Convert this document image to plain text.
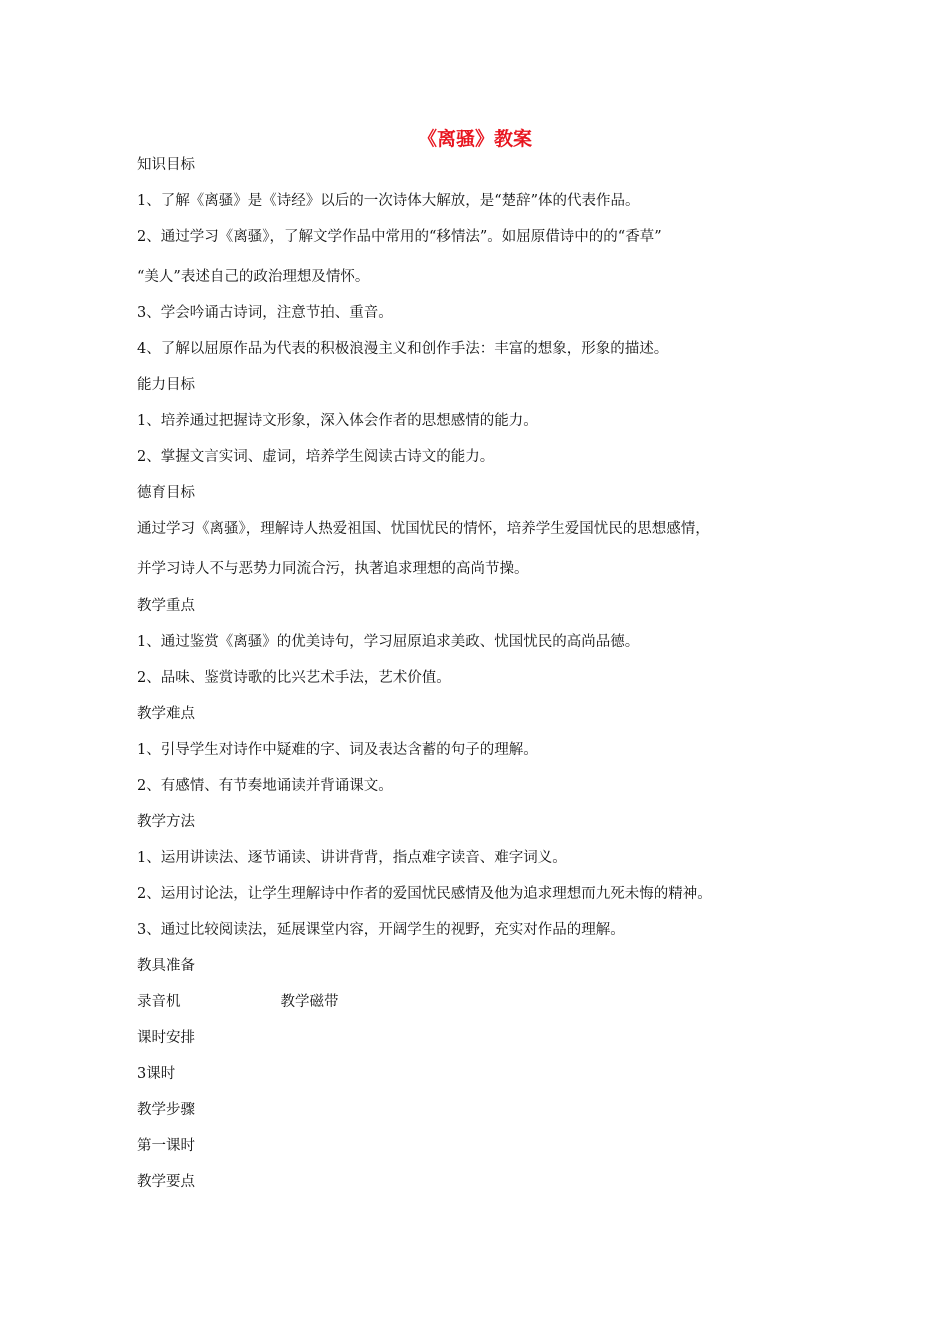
《离骚》教案

知识目标

1、了解《离骚》是《诗经》以后的一次诗体大解放，是“楚辞”体的代表作品。

2、通过学习《离骚》，了解文学作品中常用的“移情法”。如屈原借诗中的的“香草”

“美人”表述自己的政治理想及情怀。

3、学会吟诵古诗词，注意节拍、重音。

4、了解以屈原作品为代表的积极浪漫主义和创作手法：丰富的想象，形象的描述。

能力目标

1、培养通过把握诗文形象，深入体会作者的思想感情的能力。

2、掌握文言实词、虚词，培养学生阅读古诗文的能力。

德育目标

通过学习《离骚》，理解诗人热爱祖国、忧国忧民的情怀，培养学生爱国忧民的思想感情，

并学习诗人不与恶势力同流合污，执著追求理想的高尚节操。

教学重点

1、通过鉴赏《离骚》的优美诗句，学习屈原追求美政、忧国忧民的高尚品德。

2、品味、鉴赏诗歌的比兴艺术手法，艺术价值。

教学难点

1、引导学生对诗作中疑难的字、词及表达含蓄的句子的理解。

2、有感情、有节奏地诵读并背诵课文。

教学方法

1、运用讲读法、逐节诵读、讲讲背背，指点难字读音、难字词义。

2、运用讨论法，让学生理解诗中作者的爱国忧民感情及他为追求理想而九死未悔的精神。

3、通过比较阅读法，延展课堂内容，开阔学生的视野，充实对作品的理解。

教具准备

录音机	教学磁带

课时安排

3课时

教学步骤

第一课时

教学要点
